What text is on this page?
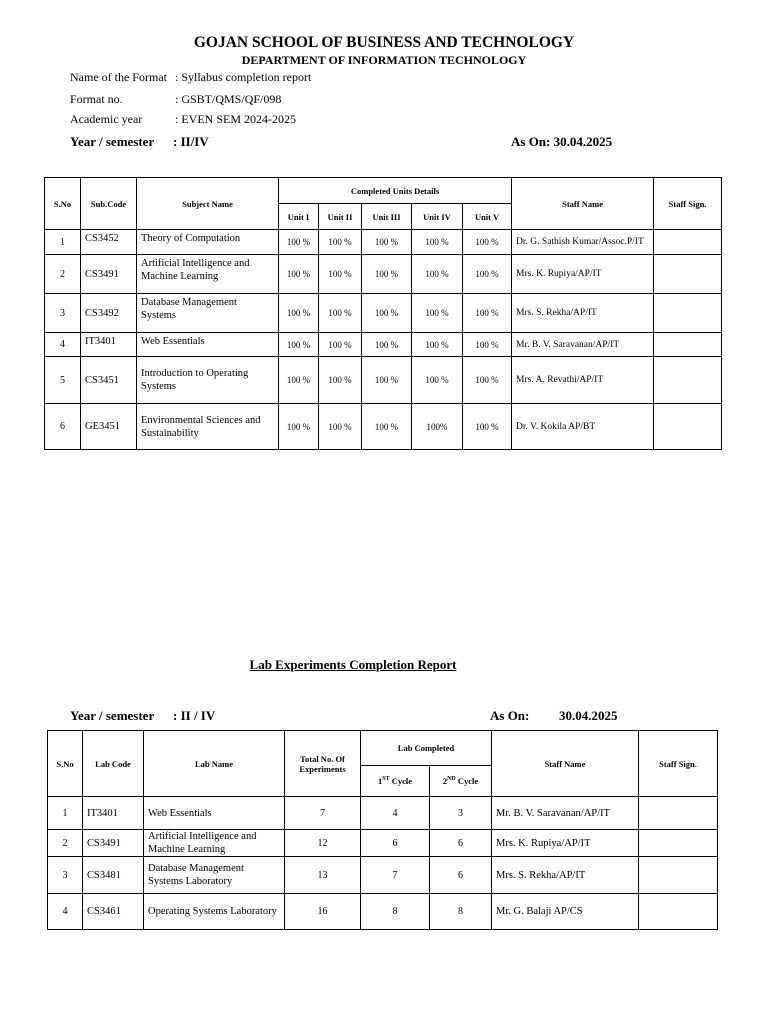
GOJAN SCHOOL OF BUSINESS AND TECHNOLOGY
DEPARTMENT OF INFORMATION TECHNOLOGY
Name of the Format : Syllabus completion report
Format no.	: GSBT/QMS/QF/098
Academic year	: EVEN SEM 2024-2025
Year / semester : II/IV	As On: 30.04.2025
S.No	Sub.Code	Subject Name	Completed Units Details					Staff Name	Staff Sign.
			Unit I	Unit II	Unit III	Unit IV	Unit V		
1	CS3452	Theory of Computation	100 %	100 %	100 %	100 %	100 %	Dr. G. Sathish Kumar/Assoc.P/IT	
2	CS3491	Artificial Intelligence and Machine Learning	100 %	100 %	100 %	100 %	100 %	Mrs. K. Rupiya/AP/IT	
3	CS3492	Database Management Systems	100 %	100 %	100 %	100 %	100 %	Mrs. S. Rekha/AP/IT	
4	IT3401	Web Essentials	100 %	100 %	100 %	100 %	100 %	Mr. B. V. Saravanan/AP/IT	
5	CS3451	Introduction to Operating Systems	100 %	100 %	100 %	100 %	100 %	Mrs. A. Revathi/AP/IT	
6	GE3451	Environmental Sciences and Sustainability	100 %	100 %	100 %	100%	100 %	Dr. V. Kokila AP/BT	
Lab Experiments Completion Report
Year / semester : II / IV	As On: 30.04.2025
S.No	Lab Code	Lab Name	Total No. Of Experiments	Lab Completed		Staff Name	Staff Sign.
				1ST Cycle	2ND Cycle		
1	IT3401	Web Essentials	7	4	3	Mr. B. V. Saravanan/AP/IT	
2	CS3491	Artificial Intelligence and Machine Learning	12	6	6	Mrs. K. Rupiya/AP/IT	
3	CS3481	Database Management Systems Laboratory	13	7	6	Mrs. S. Rekha/AP/IT	
4	CS3461	Operating Systems Laboratory	16	8	8	Mr. G. Balaji AP/CS	
